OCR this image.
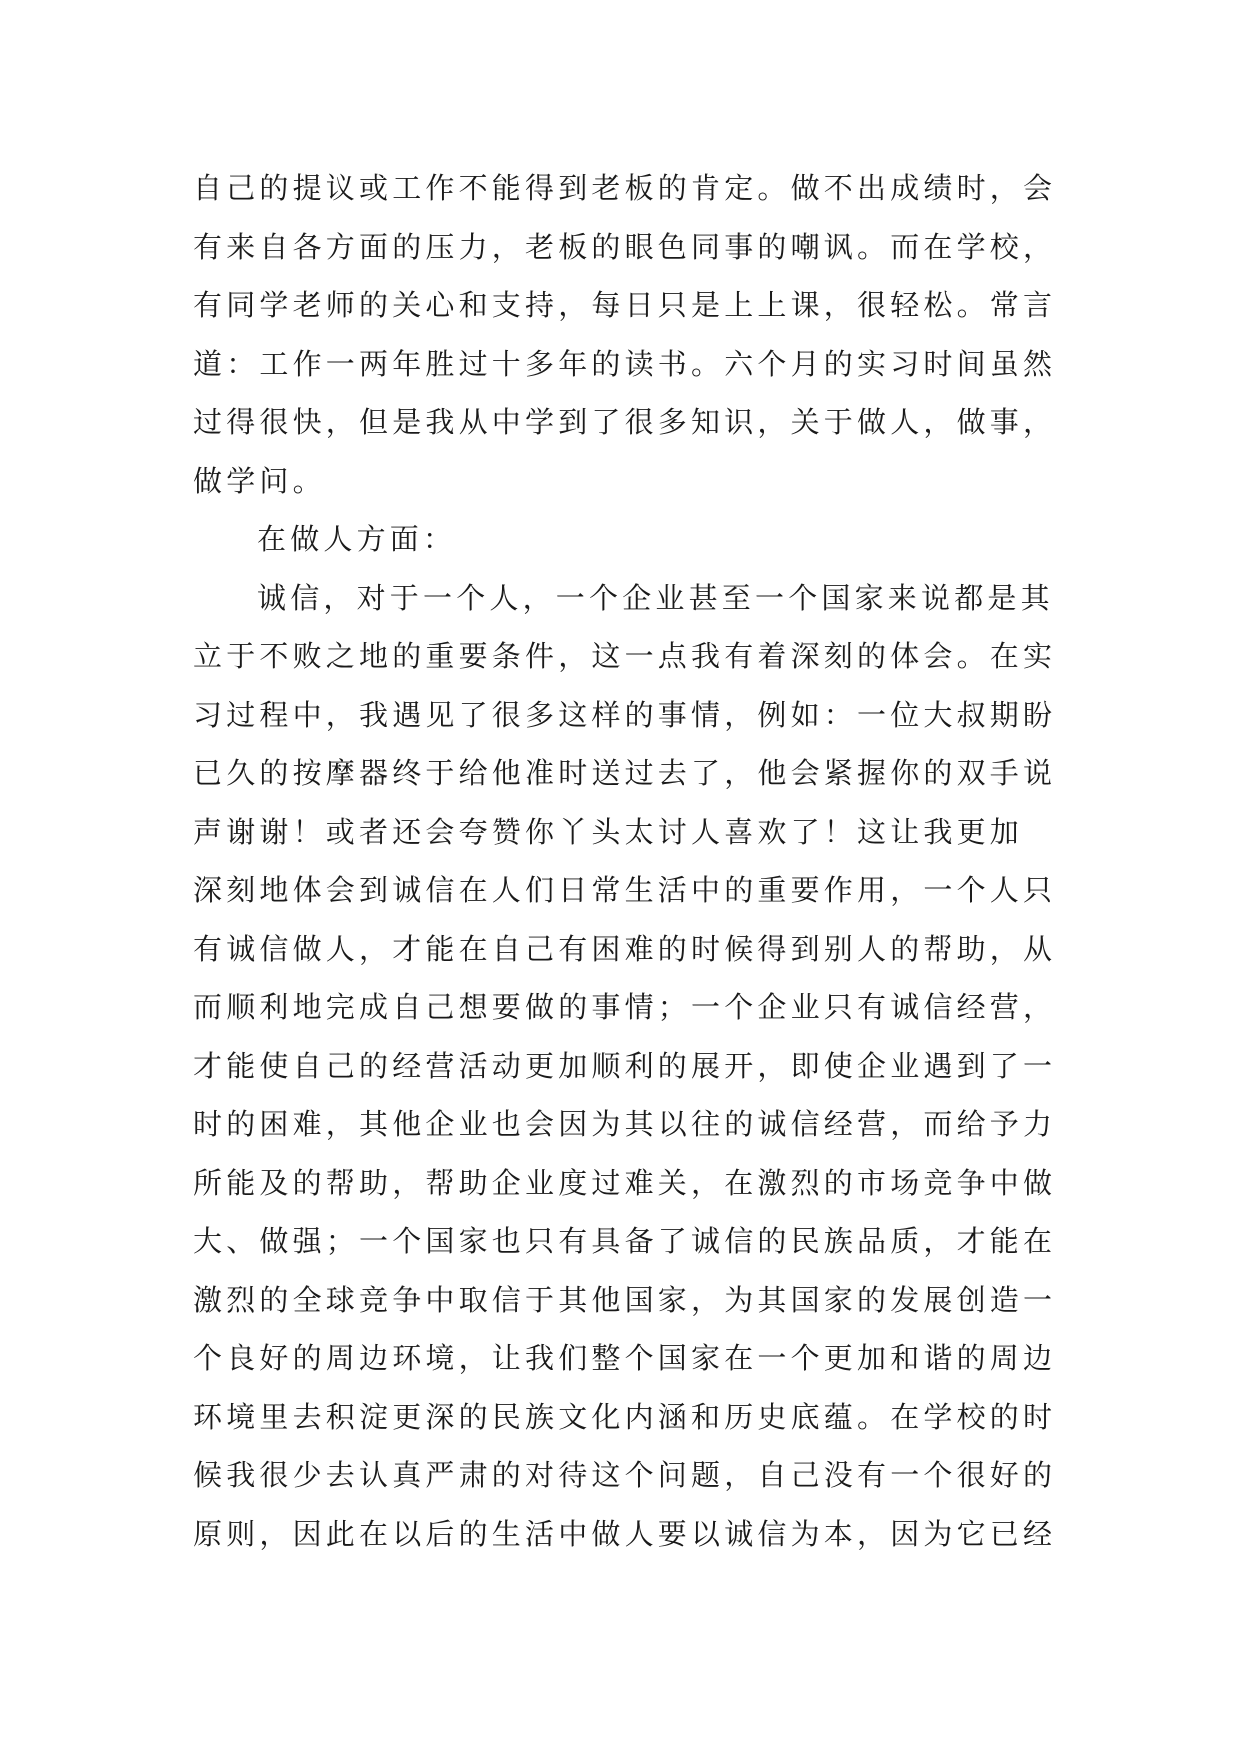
自己的提议或工作不能得到老板的肯定。做不出成绩时，会
有来自各方面的压力，老板的眼色同事的嘲讽。而在学校，
有同学老师的关心和支持，每日只是上上课，很轻松。常言
道：工作一两年胜过十多年的读书。六个月的实习时间虽然
过得很快，但是我从中学到了很多知识，关于做人，做事，
做学问。
在做人方面：
诚信，对于一个人，一个企业甚至一个国家来说都是其
立于不败之地的重要条件，这一点我有着深刻的体会。在实
习过程中，我遇见了很多这样的事情，例如：一位大叔期盼
已久的按摩器终于给他准时送过去了，他会紧握你的双手说
声谢谢！或者还会夸赞你丫头太讨人喜欢了！这让我更加
深刻地体会到诚信在人们日常生活中的重要作用，一个人只
有诚信做人，才能在自己有困难的时候得到别人的帮助，从
而顺利地完成自己想要做的事情；一个企业只有诚信经营，
才能使自己的经营活动更加顺利的展开，即使企业遇到了一
时的困难，其他企业也会因为其以往的诚信经营，而给予力
所能及的帮助，帮助企业度过难关，在激烈的市场竞争中做
大、做强；一个国家也只有具备了诚信的民族品质，才能在
激烈的全球竞争中取信于其他国家，为其国家的发展创造一
个良好的周边环境，让我们整个国家在一个更加和谐的周边
环境里去积淀更深的民族文化内涵和历史底蕴。在学校的时
候我很少去认真严肃的对待这个问题，自己没有一个很好的
原则，因此在以后的生活中做人要以诚信为本，因为它已经
